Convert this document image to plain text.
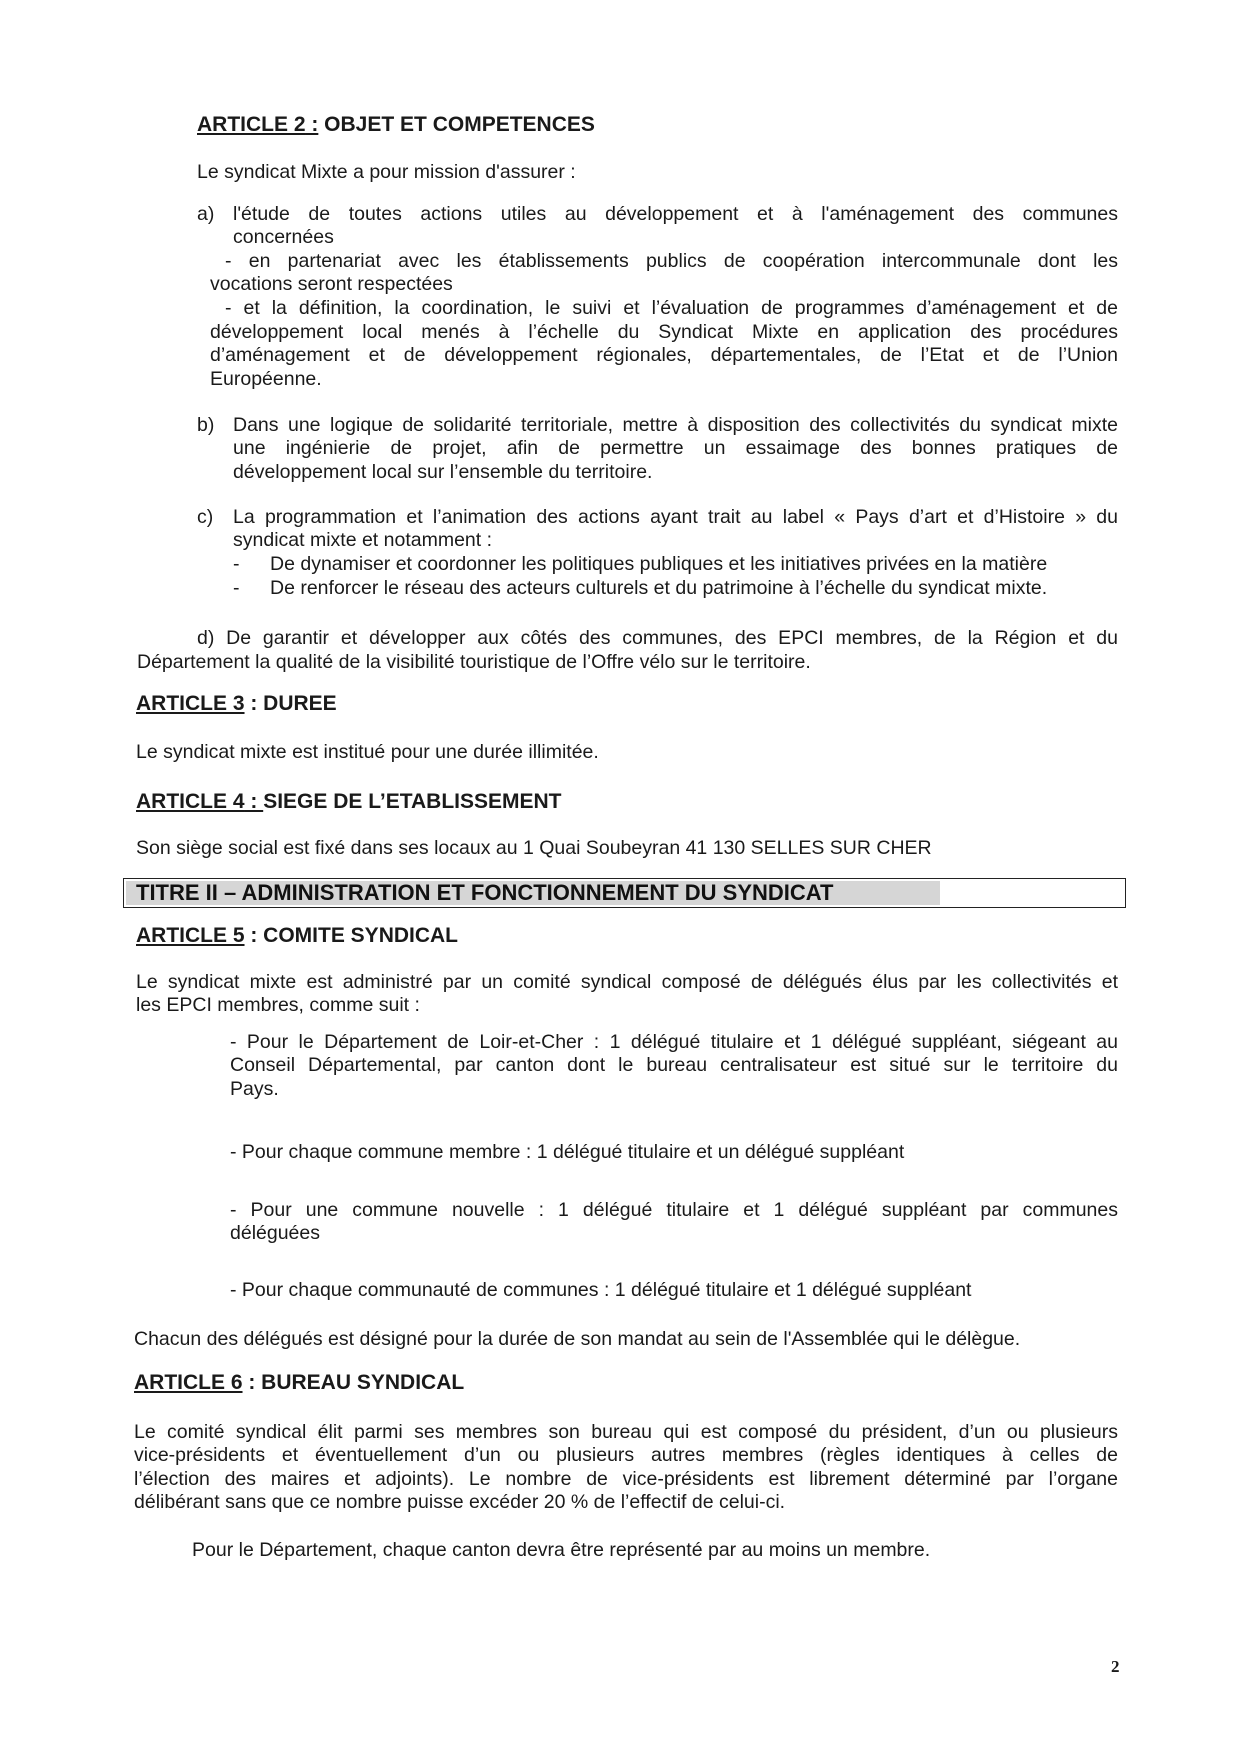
ARTICLE 2 : OBJET ET COMPETENCES
Le syndicat Mixte a pour mission d'assurer :
a) l'étude de toutes actions utiles au développement et à l'aménagement des communes
concernées
- en partenariat avec les établissements publics de coopération intercommunale dont les
vocations seront respectées
- et la définition, la coordination, le suivi et l’évaluation de programmes d’aménagement et de
développement local menés à l’échelle du Syndicat Mixte en application des procédures
d’aménagement et de développement régionales, départementales, de l’Etat et de l’Union
Européenne.
b) Dans une logique de solidarité territoriale, mettre à disposition des collectivités du syndicat mixte
une ingénierie de projet, afin de permettre un essaimage des bonnes pratiques de
développement local sur l’ensemble du territoire.
c) La programmation et l’animation des actions ayant trait au label « Pays d’art et d’Histoire » du
syndicat mixte et notamment :
- De dynamiser et coordonner les politiques publiques et les initiatives privées en la matière
- De renforcer le réseau des acteurs culturels et du patrimoine à l’échelle du syndicat mixte.
d) De garantir et développer aux côtés des communes, des EPCI membres, de la Région et du
Département la qualité de la visibilité touristique de l’Offre vélo sur le territoire.
ARTICLE 3 : DUREE
Le syndicat mixte est institué pour une durée illimitée.
ARTICLE 4 : SIEGE DE L’ETABLISSEMENT
Son siège social est fixé dans ses locaux au 1 Quai Soubeyran 41 130 SELLES SUR CHER
TITRE II – ADMINISTRATION ET FONCTIONNEMENT DU SYNDICAT
ARTICLE 5 : COMITE SYNDICAL
Le syndicat mixte est administré par un comité syndical composé de délégués élus par les collectivités et
les EPCI membres, comme suit :
- Pour le Département de Loir-et-Cher : 1 délégué titulaire et 1 délégué suppléant, siégeant au
Conseil Départemental, par canton dont le bureau centralisateur est situé sur le territoire du
Pays.
- Pour chaque commune membre : 1 délégué titulaire et un délégué suppléant
- Pour une commune nouvelle : 1 délégué titulaire et 1 délégué suppléant par communes
déléguées
- Pour chaque communauté de communes : 1 délégué titulaire et 1 délégué suppléant
Chacun des délégués est désigné pour la durée de son mandat au sein de l'Assemblée qui le délègue.
ARTICLE 6 : BUREAU SYNDICAL
Le comité syndical élit parmi ses membres son bureau qui est composé du président, d’un ou plusieurs
vice-présidents et éventuellement d’un ou plusieurs autres membres (règles identiques à celles de
l’élection des maires et adjoints). Le nombre de vice-présidents est librement déterminé par l’organe
délibérant sans que ce nombre puisse excéder 20 % de l’effectif de celui-ci.
Pour le Département, chaque canton devra être représenté par au moins un membre.
2
